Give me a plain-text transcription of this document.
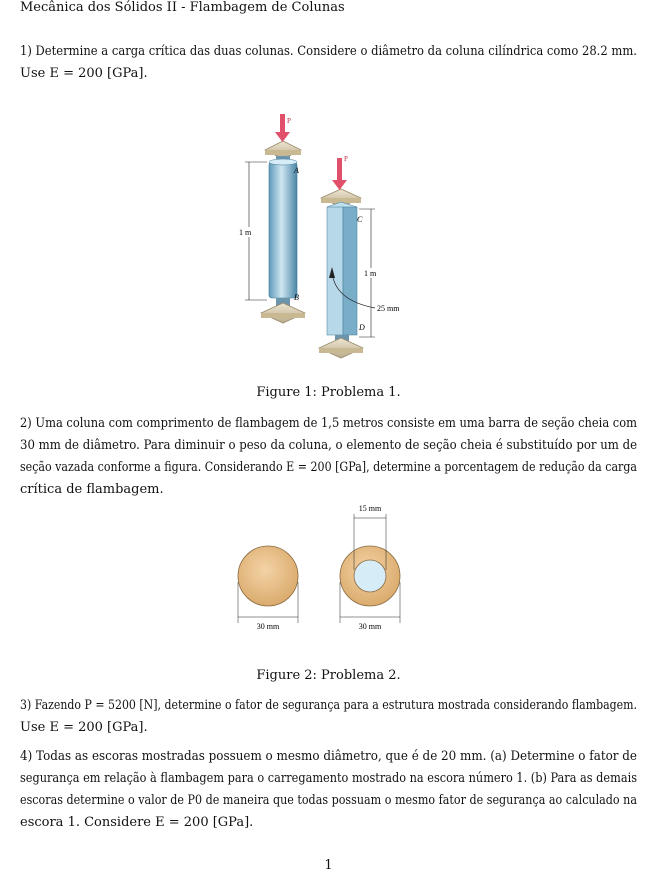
Mecânica dos Sólidos II - Flambagem de Colunas
1) Determine a carga crítica das duas colunas. Considere o diâmetro da coluna cilíndrica como 28.2 mm.
Use E = 200 [GPa].
P
A
B
1 m
P
C
D
1 m
25 mm
Figure 1: Problema 1.
2) Uma coluna com comprimento de flambagem de 1,5 metros consiste em uma barra de seção cheia com
30 mm de diâmetro. Para diminuir o peso da coluna, o elemento de seção cheia é substituído por um de
seção vazada conforme a figura. Considerando E = 200 [GPa], determine a porcentagem de redução da carga
crítica de flambagem.
30 mm
15 mm
30 mm
Figure 2: Problema 2.
3) Fazendo P = 5200 [N], determine o fator de segurança para a estrutura mostrada considerando flambagem.
Use E = 200 [GPa].
4) Todas as escoras mostradas possuem o mesmo diâmetro, que é de 20 mm. (a) Determine o fator de
segurança em relação à flambagem para o carregamento mostrado na escora número 1. (b) Para as demais
escoras determine o valor de P0 de maneira que todas possuam o mesmo fator de segurança ao calculado na
escora 1. Considere E = 200 [GPa].
1
